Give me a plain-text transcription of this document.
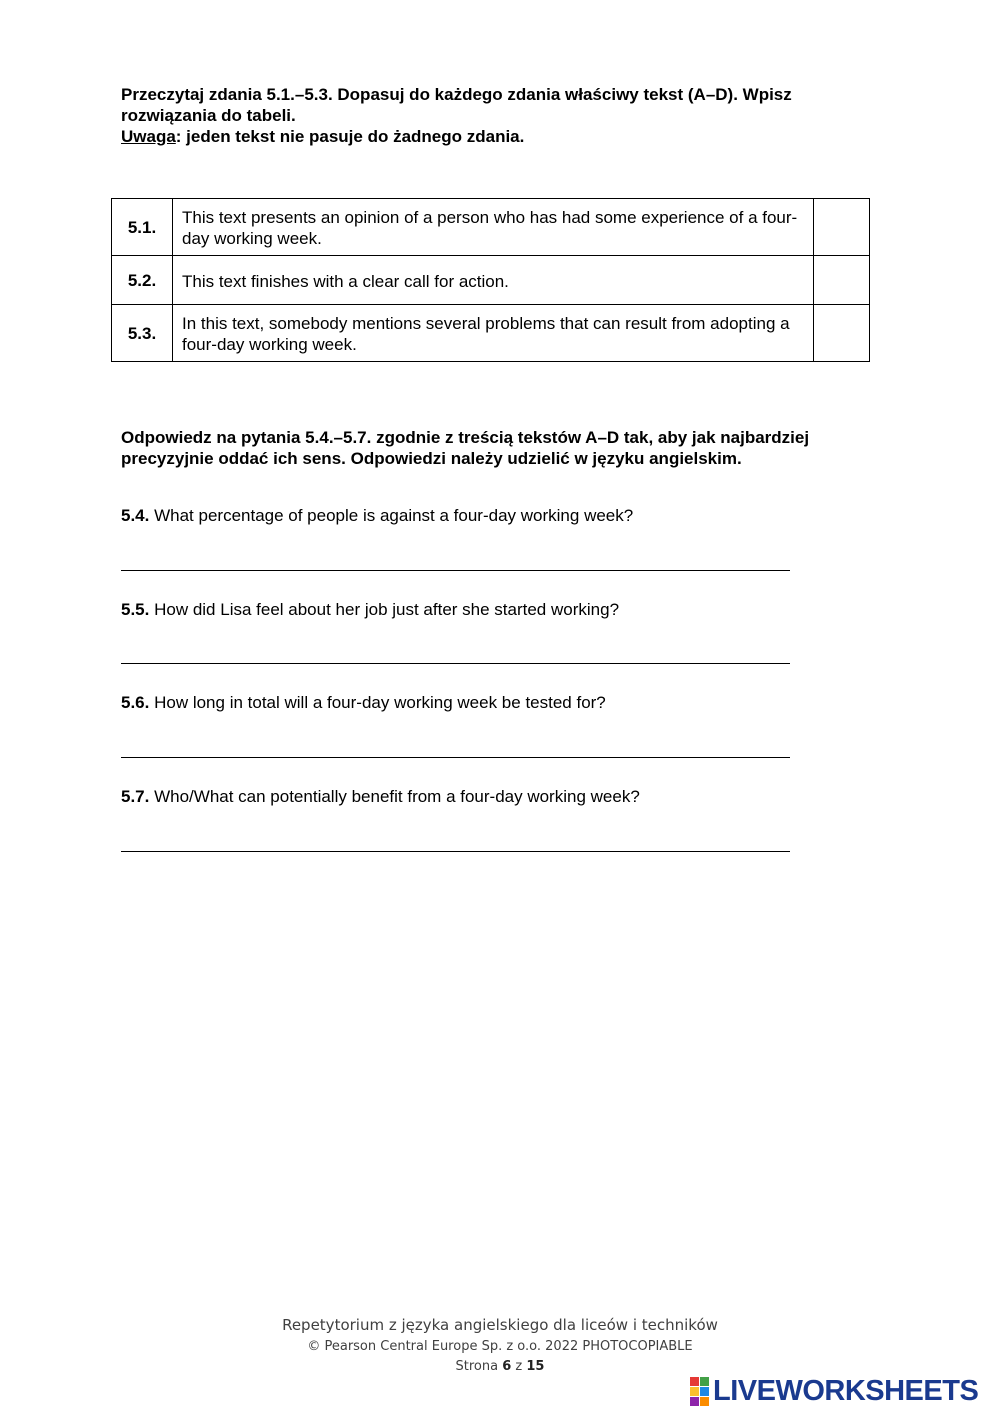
Przeczytaj zdania 5.1.–5.3. Dopasuj do każdego zdania właściwy tekst (A–D). Wpisz rozwiązania do tabeli.
Uwaga: jeden tekst nie pasuje do żadnego zdania.
5.1.	This text presents an opinion of a person who has had some experience of a four-day working week.	
5.2.	This text finishes with a clear call for action.	
5.3.	In this text, somebody mentions several problems that can result from adopting a four-day working week.	
Odpowiedz na pytania 5.4.–5.7. zgodnie z treścią tekstów A–D tak, aby jak najbardziej precyzyjnie oddać ich sens. Odpowiedzi należy udzielić w języku angielskim.
5.4. What percentage of people is against a four-day working week?
5.5. How did Lisa feel about her job just after she started working?
5.6. How long in total will a four-day working week be tested for?
5.7. Who/What can potentially benefit from a four-day working week?
Repetytorium z języka angielskiego dla liceów i techników
© Pearson Central Europe Sp. z o.o. 2022 PHOTOCOPIABLE
Strona 6 z 15
LIVEWORKSHEETS
